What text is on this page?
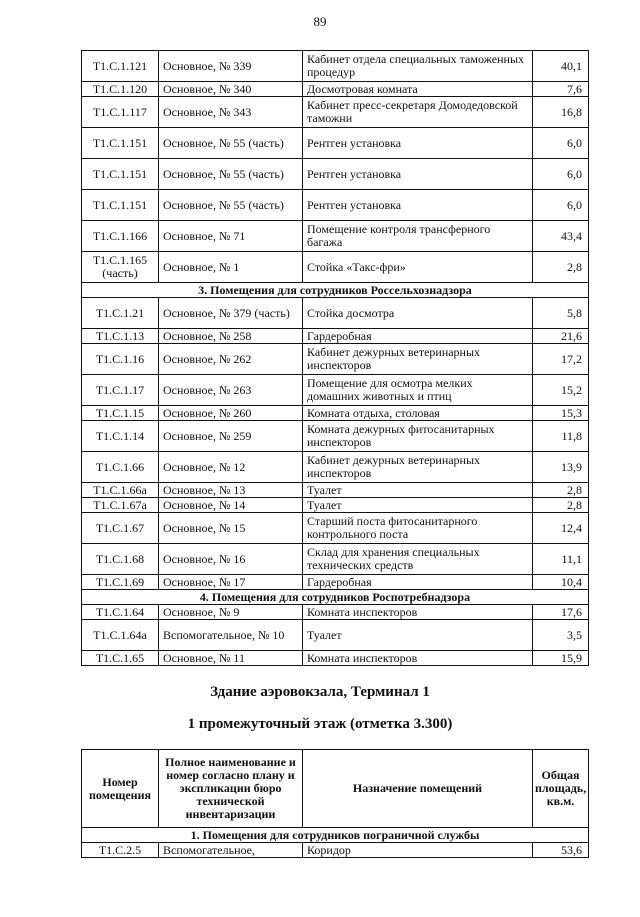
89
Т1.С.1.121	Основное, № 339	Кабинет отдела специальных таможенных процедур	40,1
Т1.С.1.120	Основное, № 340	Досмотровая комната	7,6
Т1.С.1.117	Основное, № 343	Кабинет пресс-секретаря Домодедовской таможни	16,8
Т1.С.1.151	Основное, № 55 (часть)	Рентген установка	6,0
Т1.С.1.151	Основное, № 55 (часть)	Рентген установка	6,0
Т1.С.1.151	Основное, № 55 (часть)	Рентген установка	6,0
Т1.С.1.166	Основное, № 71	Помещение контроля трансферного багажа	43,4
Т1.С.1.165 (часть)	Основное, № 1	Стойка «Такс-фри»	2,8
3. Помещения для сотрудников Россельхознадзора			
Т1.С.1.21	Основное, № 379 (часть)	Стойка досмотра	5,8
Т1.С.1.13	Основное, № 258	Гардеробная	21,6
Т1.С.1.16	Основное, № 262	Кабинет дежурных ветеринарных инспекторов	17,2
Т1.С.1.17	Основное, № 263	Помещение для осмотра мелких домашних животных и птиц	15,2
Т1.С.1.15	Основное, № 260	Комната отдыха, столовая	15,3
Т1.С.1.14	Основное, № 259	Комната дежурных фитосанитарных инспекторов	11,8
Т1.С.1.66	Основное, № 12	Кабинет дежурных ветеринарных инспекторов	13,9
Т1.С.1.66а	Основное, № 13	Туалет	2,8
Т1.С.1.67а	Основное, № 14	Туалет	2,8
Т1.С.1.67	Основное, № 15	Старший поста фитосанитарного контрольного поста	12,4
Т1.С.1.68	Основное, № 16	Склад для хранения специальных технических средств	11,1
Т1.С.1.69	Основное, № 17	Гардеробная	10,4
4. Помещения для сотрудников Роспотребнадзора			
Т1.С.1.64	Основное, № 9	Комната инспекторов	17,6
Т1.С.1.64а	Вспомогательное, № 10	Туалет	3,5
Т1.С.1.65	Основное, № 11	Комната инспекторов	15,9
Здание аэровокзала, Терминал 1
1 промежуточный этаж (отметка 3.300)
Номер помещения	Полное наименование и номер согласно плану и экспликации бюро технической инвентаризации	Назначение помещений	Общая площадь, кв.м.
1. Помещения для сотрудников пограничной службы			
Т1.С.2.5	Вспомогательное,	Коридор	53,6
